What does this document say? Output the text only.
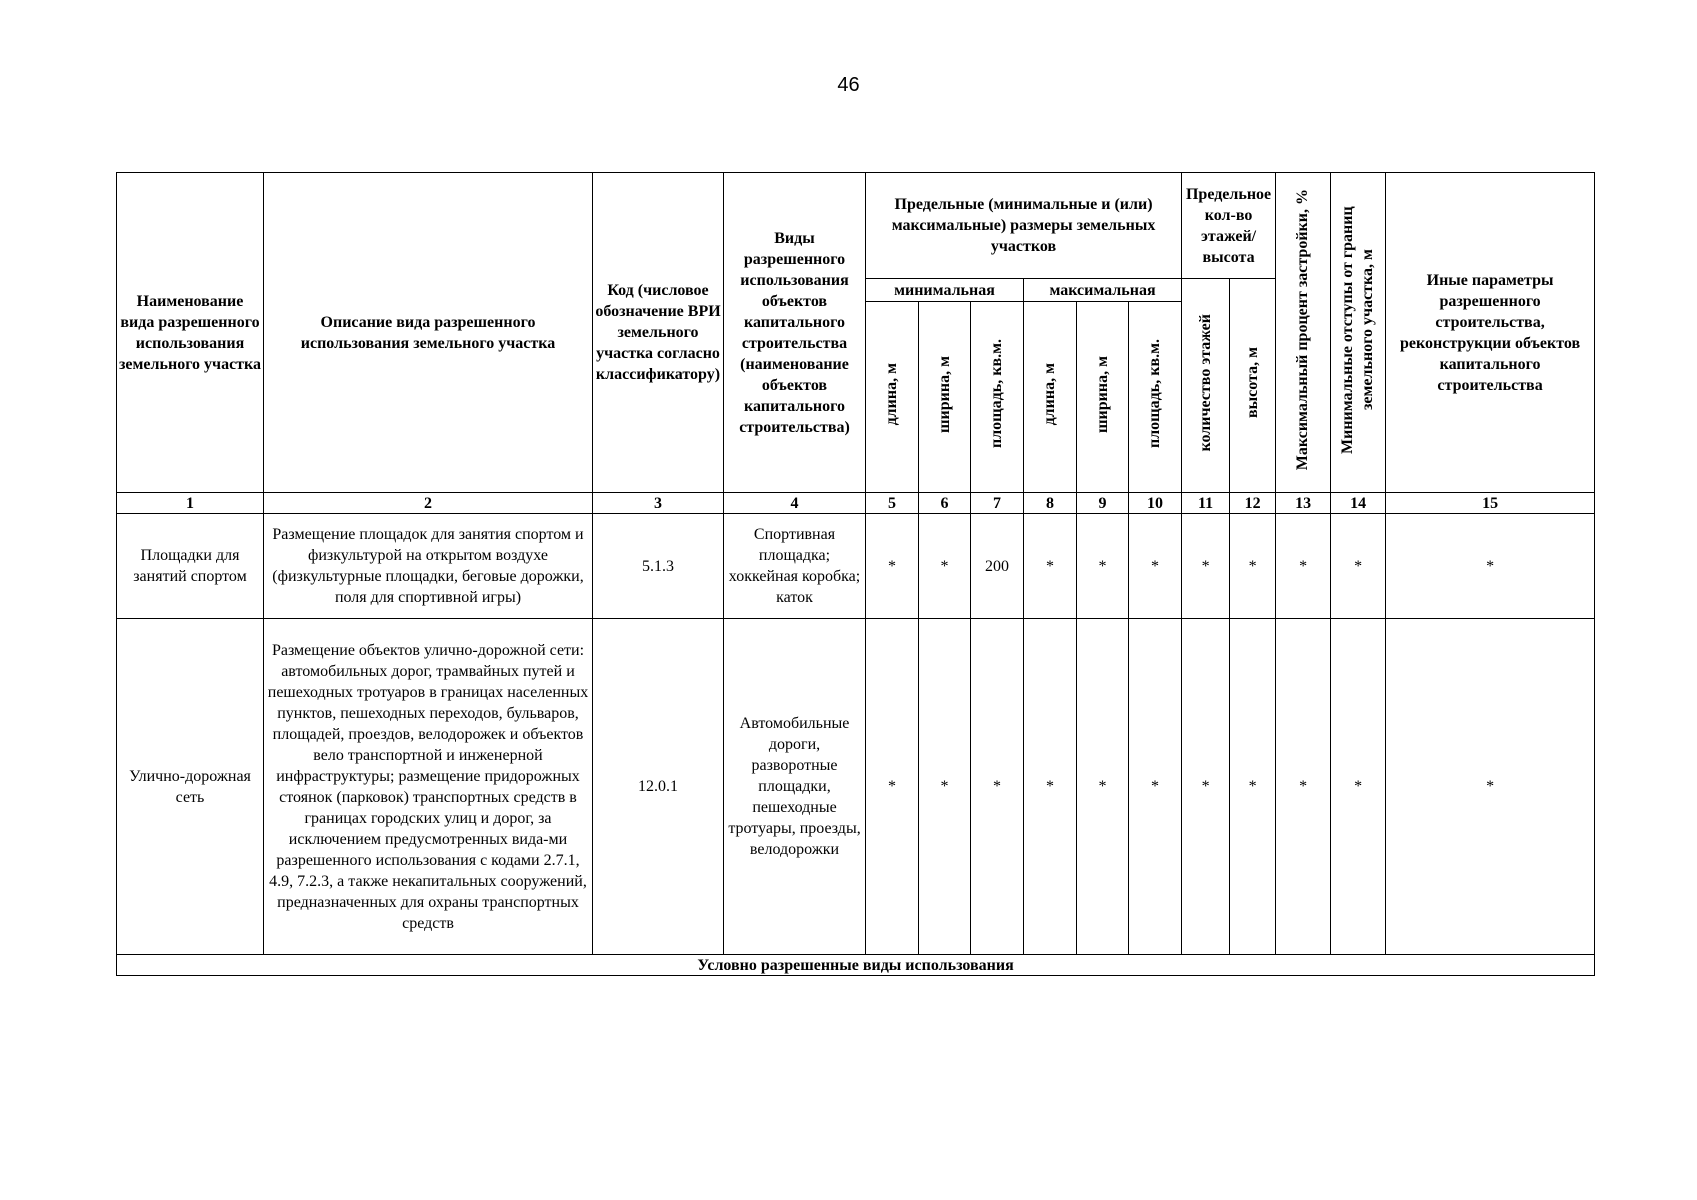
46
Наименование вида разрешенного использования земельного участка	Описание вида разрешенного использования земельного участка	Код (числовое обозначение ВРИ земельного участка согласно классификатору)	Виды разрешенного использования объектов капитального строительства (наименование объектов капитального строительства)	Предельные (минимальные и (или) максимальные) размеры земельных участков						Предельное кол-во этажей/ высота		Максимальный процент застройки, %	Минимальные отступы от границ земельного участка, м	Иные параметры разрешенного строительства, реконструкции объектов капитального строительства
				минимальная			максимальная			количество этажей	высота, м			
				длина, м	ширина, м	площадь, кв.м.	длина, м	ширина, м	площадь, кв.м.					
1	2	3	4	5	6	7	8	9	10	11	12	13	14	15
Площадки для занятий спортом	Размещение площадок для занятия спортом и физкультурой на открытом воздухе (физкультурные площадки, беговые дорожки, поля для спортивной игры)	5.1.3	Спортивная площадка; хоккейная коробка; каток	*	*	200	*	*	*	*	*	*	*	*
Улично-дорожная сеть	Размещение объектов улично-дорожной сети: автомобильных дорог, трамвайных путей и пешеходных тротуаров в границах населенных пунктов, пешеходных переходов, бульваров, площадей, проездов, велодорожек и объектов вело транспортной и инженерной инфраструктуры; размещение придорожных стоянок (парковок) транспортных средств в границах городских улиц и дорог, за исключением предусмотренных вида-ми разрешенного использования с кодами 2.7.1, 4.9, 7.2.3, а также некапитальных сооружений, предназначенных для охраны транспортных средств	12.0.1	Автомобильные дороги, разворотные площадки, пешеходные тротуары, проезды, велодорожки	*	*	*	*	*	*	*	*	*	*	*
Условно разрешенные виды использования														
